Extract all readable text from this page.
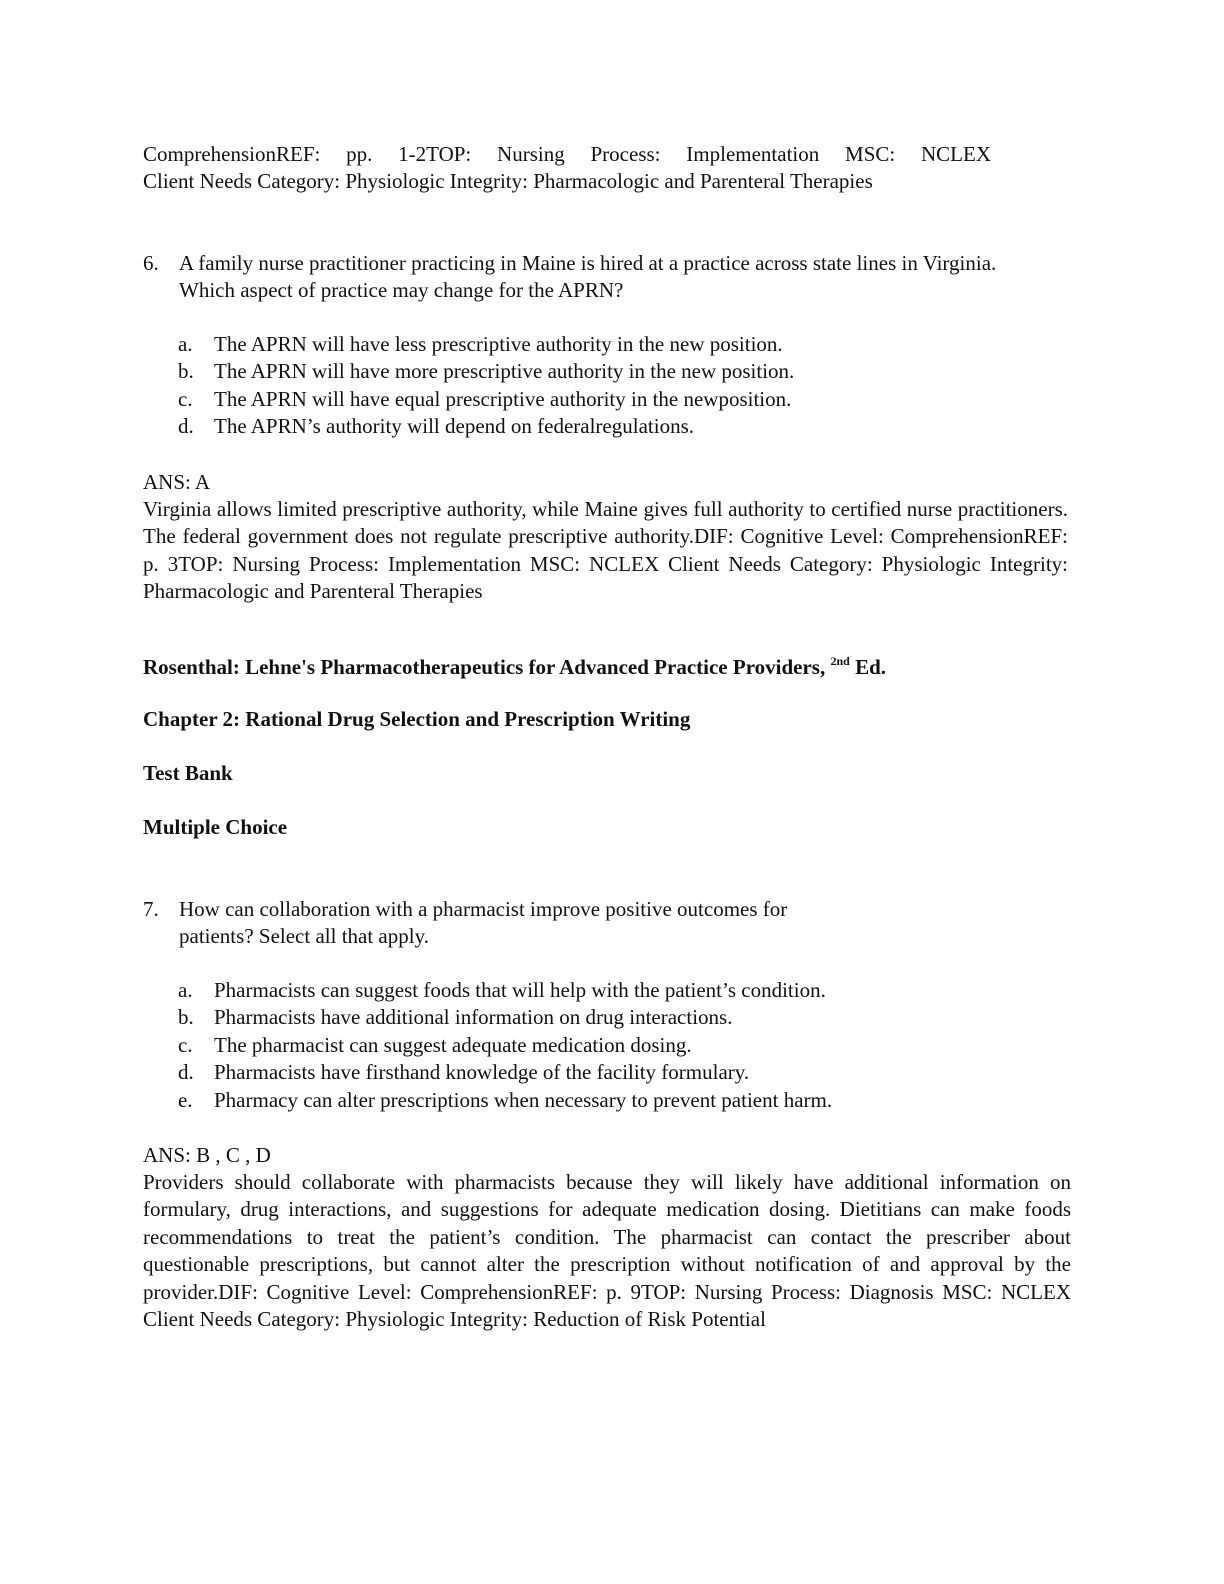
ComprehensionREF: pp. 1-2TOP: Nursing Process: Implementation MSC: NCLEX
Client Needs Category: Physiologic Integrity: Pharmacologic and Parenteral Therapies
6. A family nurse practitioner practicing in Maine is hired at a practice across state lines in Virginia. Which aspect of practice may change for the APRN?
a. The APRN will have less prescriptive authority in the new position.
b. The APRN will have more prescriptive authority in the new position.
c. The APRN will have equal prescriptive authority in the newposition.
d. The APRN’s authority will depend on federalregulations.
ANS: A
Virginia allows limited prescriptive authority, while Maine gives full authority to certified nurse practitioners. The federal government does not regulate prescriptive authority.DIF: Cognitive Level: ComprehensionREF: p. 3TOP: Nursing Process: Implementation MSC: NCLEX Client Needs Category: Physiologic Integrity: Pharmacologic and Parenteral Therapies
Rosenthal: Lehne's Pharmacotherapeutics for Advanced Practice Providers, $^{2nd}$ Ed.
Chapter 2: Rational Drug Selection and Prescription Writing
Test Bank
Multiple Choice
7. How can collaboration with a pharmacist improve positive outcomes for
patients? Select all that apply.
a. Pharmacists can suggest foods that will help with the patient’s condition.
b. Pharmacists have additional information on drug interactions.
c. The pharmacist can suggest adequate medication dosing.
d. Pharmacists have firsthand knowledge of the facility formulary.
e. Pharmacy can alter prescriptions when necessary to prevent patient harm.
ANS: B , C , D
Providers should collaborate with pharmacists because they will likely have additional information on formulary, drug interactions, and suggestions for adequate medication dosing. Dietitians can make foods recommendations to treat the patient’s condition. The pharmacist can contact the prescriber about questionable prescriptions, but cannot alter the prescription without notification of and approval by the provider.DIF: Cognitive Level: ComprehensionREF: p. 9TOP: Nursing Process: Diagnosis MSC: NCLEX Client Needs Category: Physiologic Integrity: Reduction of Risk Potential
